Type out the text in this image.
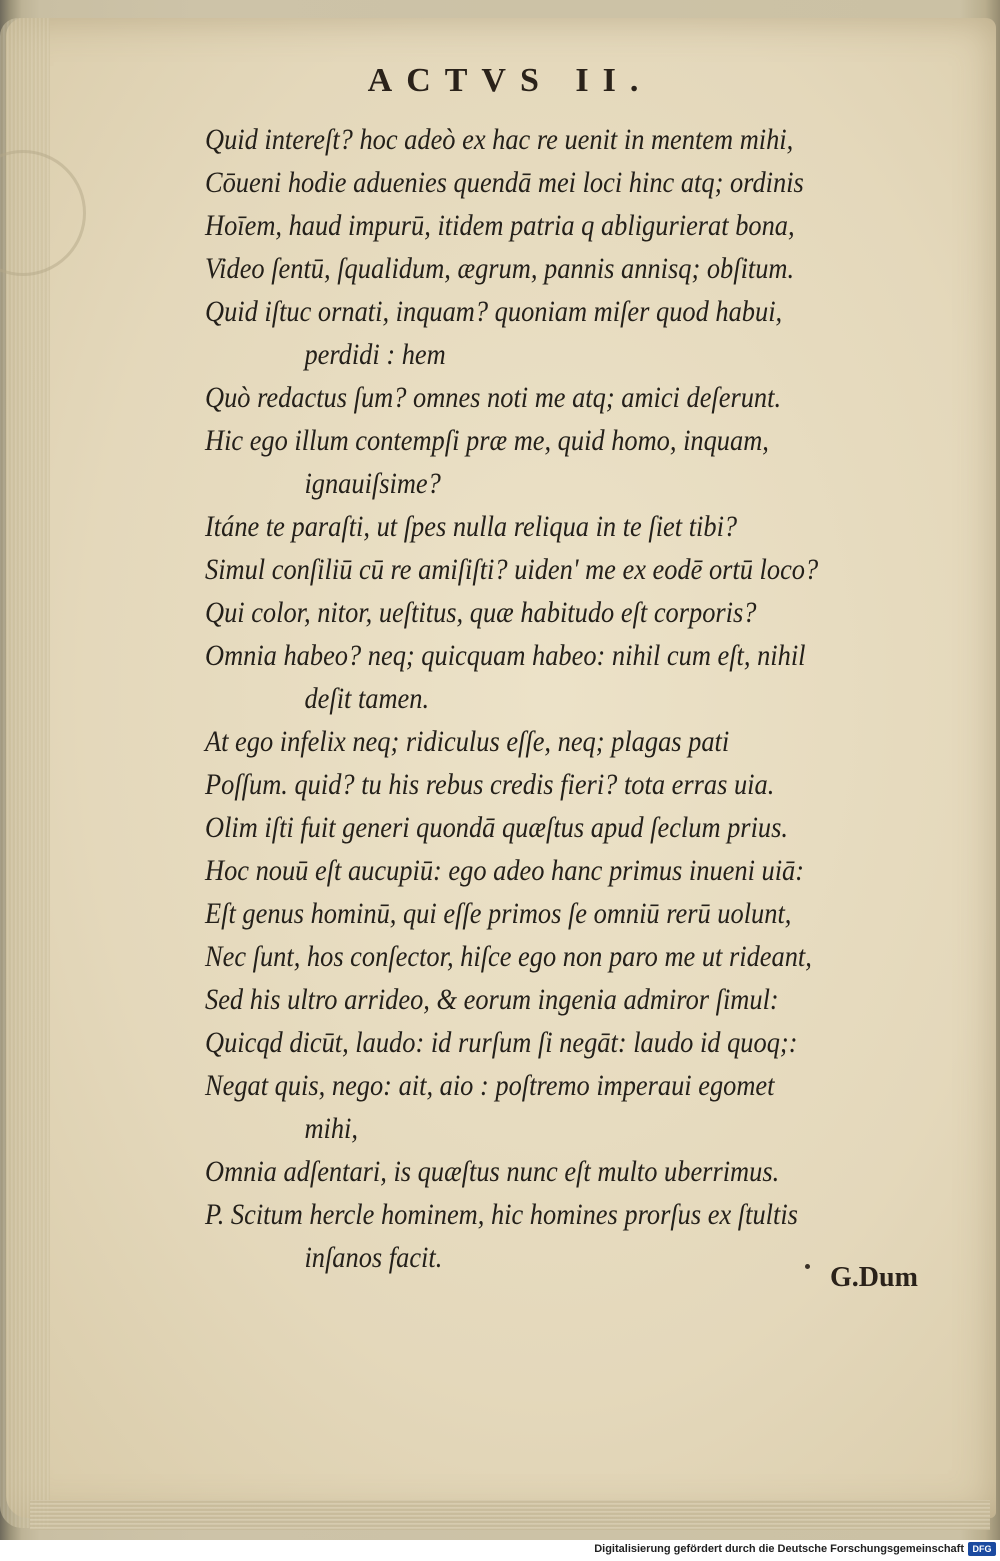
ACTVS II.
Quid intereſt? hoc adeò ex hac re uenit in mentem mihi,
Cōueni hodie aduenies quendā mei loci hinc atq; ordinis
Hoīem, haud impurū, itidem patria q abligurierat bona,
Video ſentū, ſqualidum, ægrum, pannis annisq; obſitum.
Quid iſtuc ornati, inquam? quoniam miſer quod habui,
perdidi : hem
Quò redactus ſum? omnes noti me atq; amici deſerunt.
Hic ego illum contempſi præ me, quid homo, inquam,
ignauiſsime?
Itáne te paraſti, ut ſpes nulla reliqua in te ſiet tibi?
Simul conſiliū cū re amiſiſti? uiden' me ex eodē ortū loco?
Qui color, nitor, ueſtitus, quæ habitudo eſt corporis?
Omnia habeo? neq; quicquam habeo: nihil cum eſt, nihil
deſit tamen.
At ego infelix neq; ridiculus eſſe, neq; plagas pati
Poſſum. quid? tu his rebus credis fieri? tota erras uia.
Olim iſti fuit generi quondā quæſtus apud ſeclum prius.
Hoc nouū eſt aucupiū: ego adeo hanc primus inueni uiā:
Eſt genus hominū, qui eſſe primos ſe omniū rerū uolunt,
Nec ſunt, hos conſector, hiſce ego non paro me ut rideant,
Sed his ultro arrideo, & eorum ingenia admiror ſimul:
Quicqd dicūt, laudo: id rurſum ſi negāt: laudo id quoq;:
Negat quis, nego: ait, aio : poſtremo imperaui egomet
mihi,
Omnia adſentari, is quæſtus nunc eſt multo uberrimus.
P. Scitum hercle hominem, hic homines prorſus ex ſtultis
inſanos facit.
G.Dum
Digitalisierung gefördert durch die Deutsche Forschungsgemeinschaft DFG
